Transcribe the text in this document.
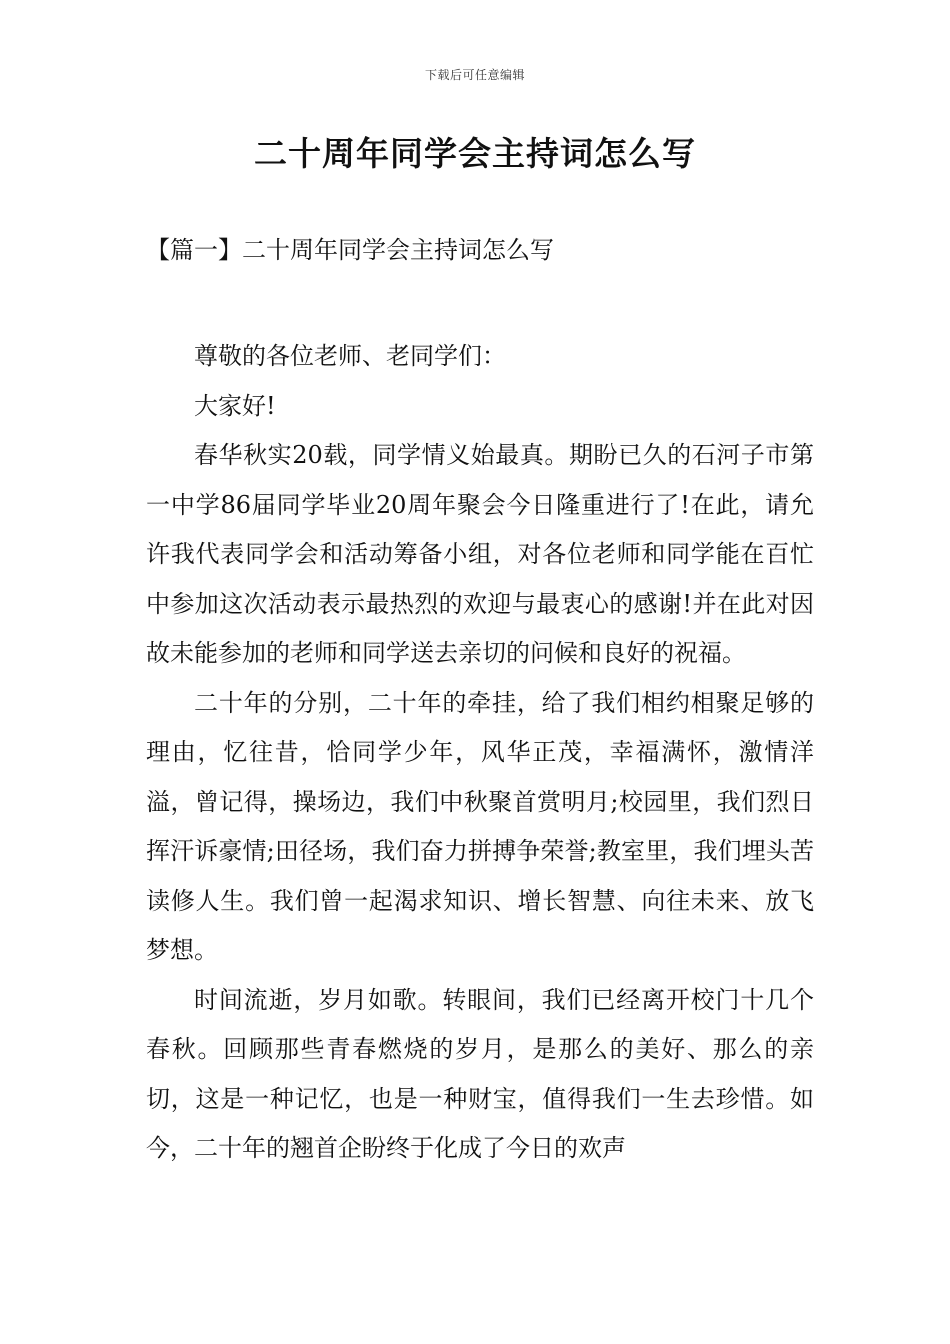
下载后可任意编辑
二十周年同学会主持词怎么写
【篇一】二十周年同学会主持词怎么写

尊敬的各位老师、老同学们：

大家好!

春华秋实20载，同学情义始最真。期盼已久的石河子市第一中学86届同学毕业20周年聚会今日隆重进行了!在此，请允许我代表同学会和活动筹备小组，对各位老师和同学能在百忙中参加这次活动表示最热烈的欢迎与最衷心的感谢!并在此对因故未能参加的老师和同学送去亲切的问候和良好的祝福。

二十年的分别，二十年的牵挂，给了我们相约相聚足够的理由，忆往昔，恰同学少年，风华正茂，幸福满怀，激情洋溢，曾记得，操场边，我们中秋聚首赏明月;校园里，我们烈日挥汗诉豪情;田径场，我们奋力拼搏争荣誉;教室里，我们埋头苦读修人生。我们曾一起渴求知识、增长智慧、向往未来、放飞梦想。

时间流逝，岁月如歌。转眼间，我们已经离开校门十几个春秋。回顾那些青春燃烧的岁月，是那么的美好、那么的亲切，这是一种记忆，也是一种财宝，值得我们一生去珍惜。如今，二十年的翘首企盼终于化成了今日的欢声
